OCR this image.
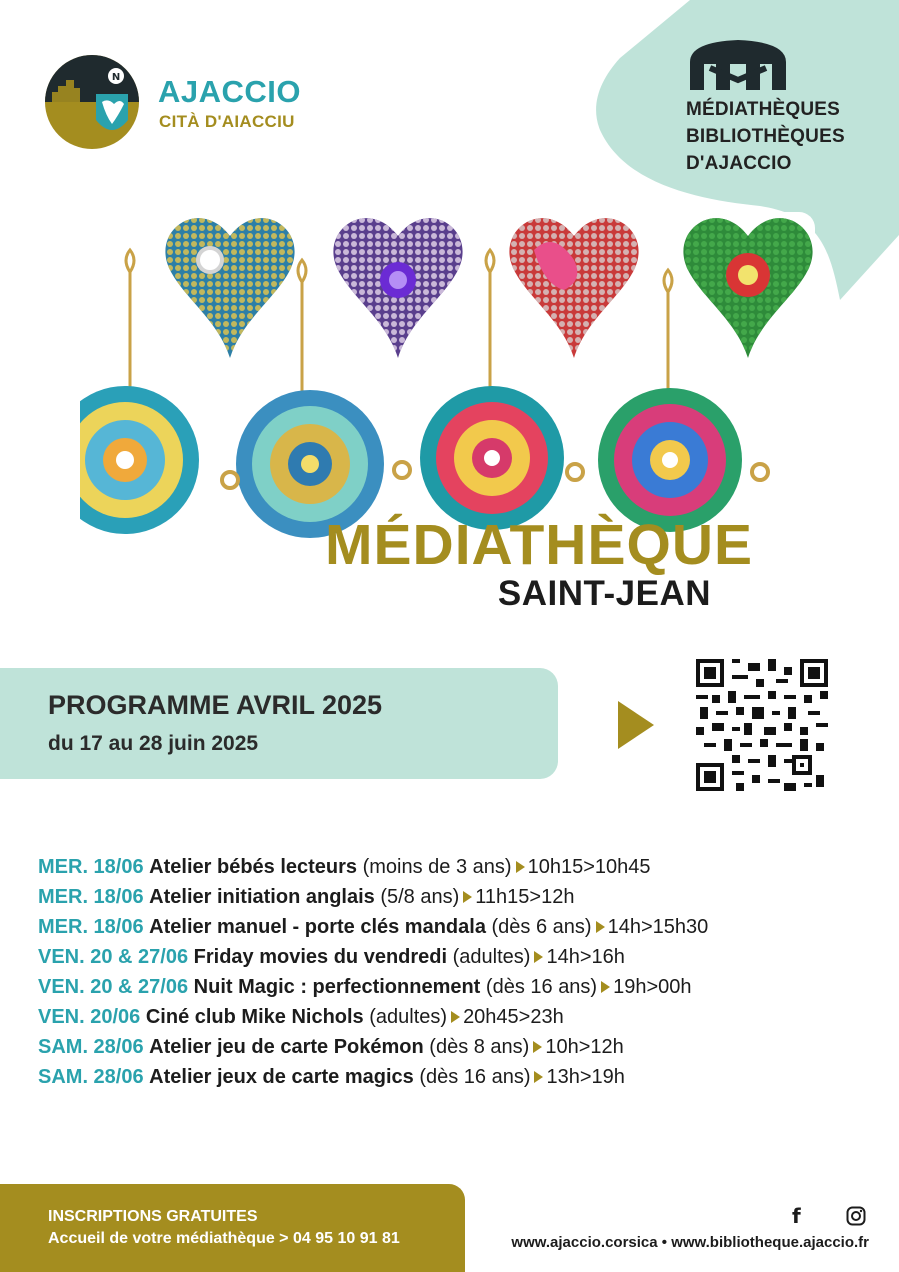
N AJACCIO
CITÀ D'AIACCIU
MÉDIATHÈQUES
BIBLIOTHÈQUES
D'AJACCIO
MÉDIATHÈQUE
SAINT-JEAN
PROGRAMME AVRIL 2025
du 17 au 28 juin 2025
MER. 18/06 Atelier bébés lecteurs (moins de 3 ans) 10h15>10h45
MER. 18/06 Atelier initiation anglais (5/8 ans) 11h15>12h
MER. 18/06 Atelier manuel - porte clés mandala (dès 6 ans) 14h>15h30
VEN. 20 & 27/06 Friday movies du vendredi (adultes) 14h>16h
VEN. 20 & 27/06 Nuit Magic : perfectionnement (dès 16 ans) 19h>00h
VEN. 20/06 Ciné club Mike Nichols (adultes) 20h45>23h
SAM. 28/06 Atelier jeu de carte Pokémon (dès 8 ans) 10h>12h
SAM. 28/06 Atelier jeux de carte magics (dès 16 ans) 13h>19h
INSCRIPTIONS GRATUITES
Accueil de votre médiathèque > 04 95 10 91 81
f
www.ajaccio.corsica • www.bibliotheque.ajaccio.fr
